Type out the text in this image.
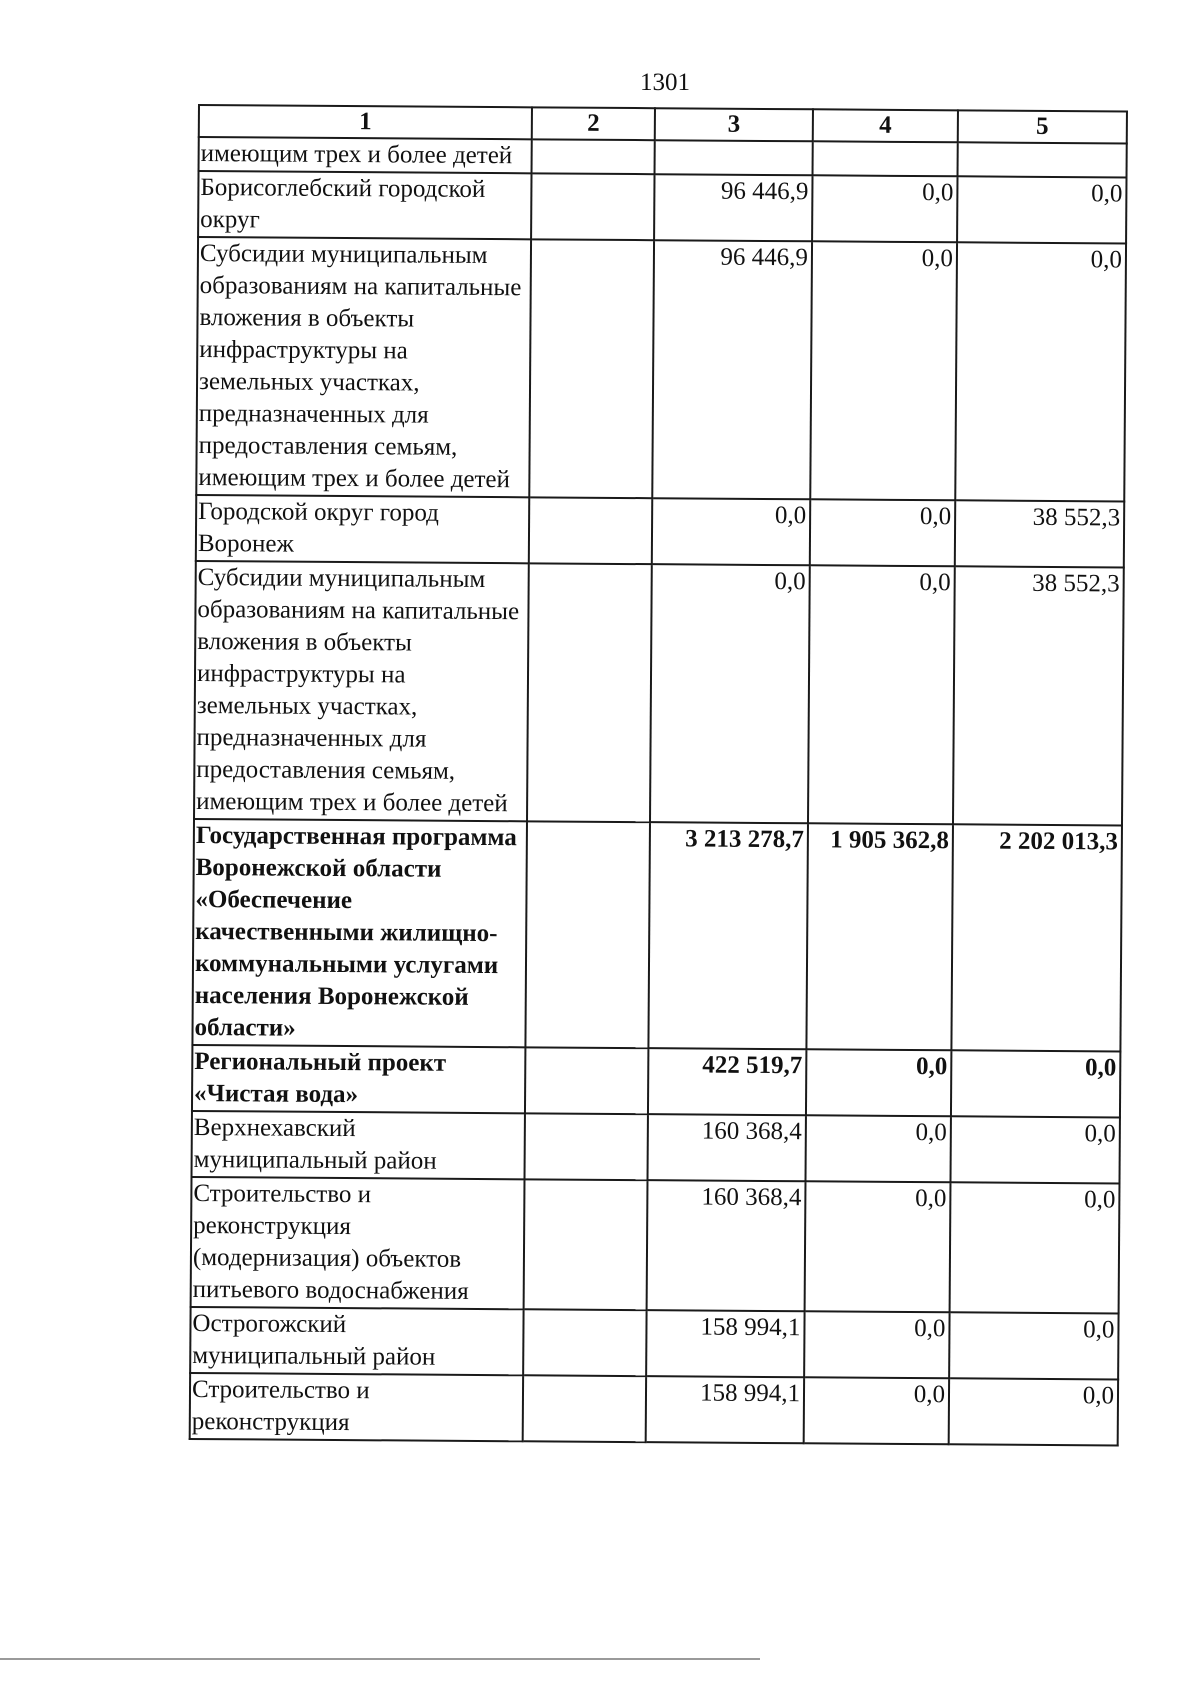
1301
1	2	3	4	5
имеющим трех и более детей				
Борисоглебский городской округ		96 446,9	0,0	0,0
Субсидии муниципальным образованиям на капитальные вложения в объекты инфраструктуры на земельных участках, предназначенных для предоставления семьям, имеющим трех и более детей		96 446,9	0,0	0,0
Городской округ город Воронеж		0,0	0,0	38 552,3
Субсидии муниципальным образованиям на капитальные вложения в объекты инфраструктуры на земельных участках, предназначенных для предоставления семьям, имеющим трех и более детей		0,0	0,0	38 552,3
Государственная программа Воронежской области «Обеспечение качественными жилищно-коммунальными услугами населения Воронежской области»		3 213 278,7	1 905 362,8	2 202 013,3
Региональный проект «Чистая вода»		422 519,7	0,0	0,0
Верхнехавский муниципальный район		160 368,4	0,0	0,0
Строительство и реконструкция (модернизация) объектов питьевого водоснабжения		160 368,4	0,0	0,0
Острогожский муниципальный район		158 994,1	0,0	0,0
Строительство и реконструкция		158 994,1	0,0	0,0
